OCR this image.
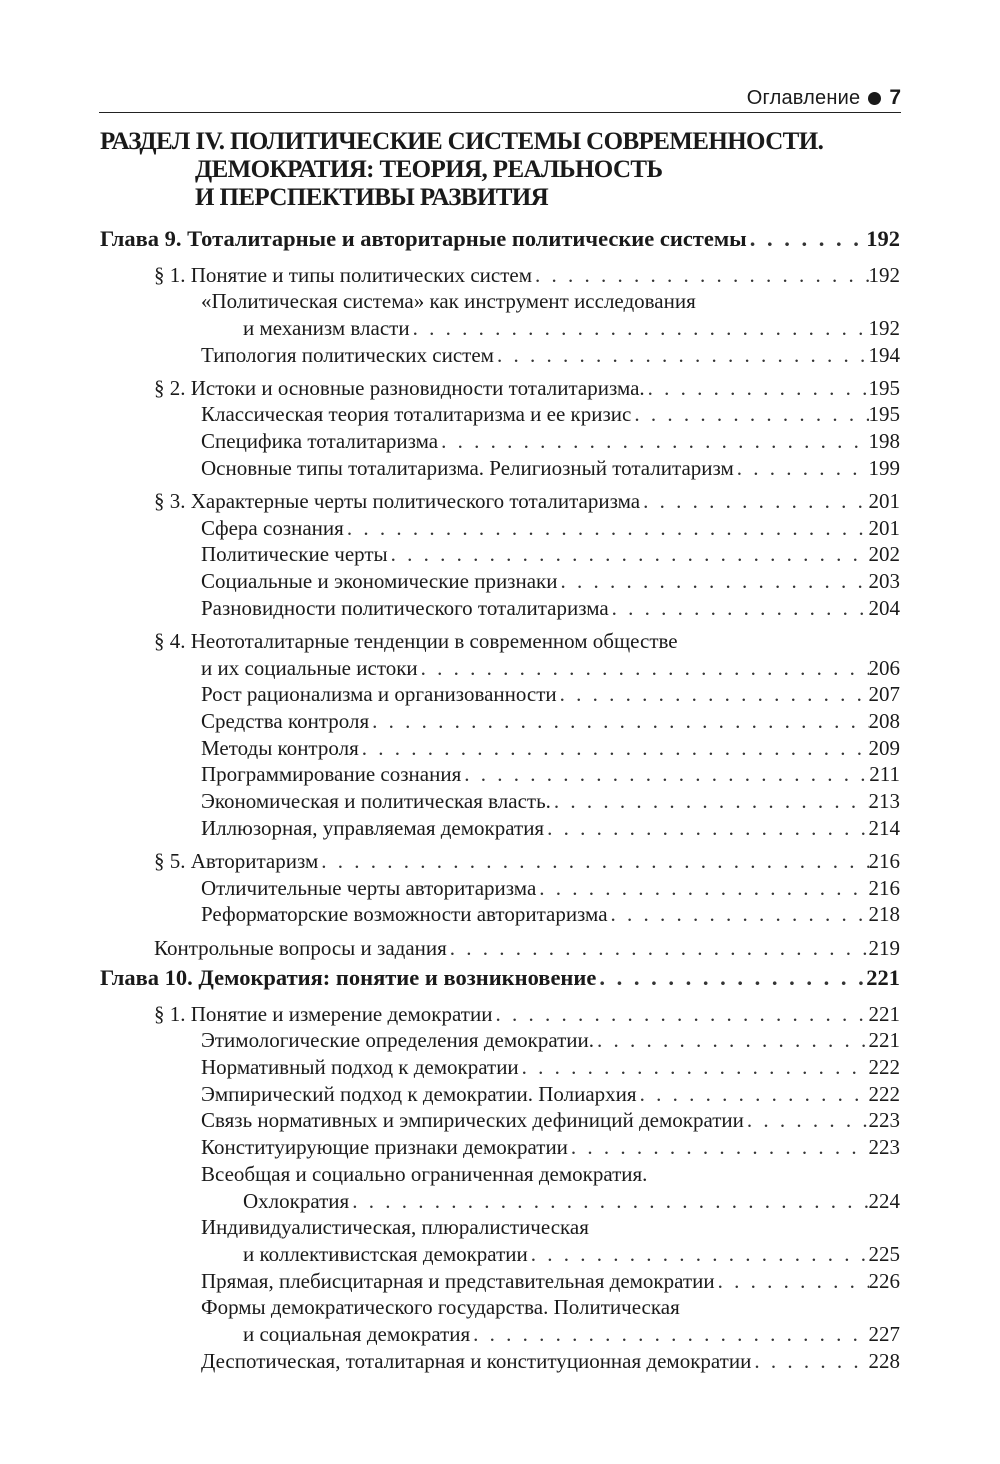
Оглавление 7
РАЗДЕЛ IV. ПОЛИТИЧЕСКИЕ СИСТЕМЫ СОВРЕМЕННОСТИ.
ДЕМОКРАТИЯ: ТЕОРИЯ, РЕАЛЬНОСТЬ
И ПЕРСПЕКТИВЫ РАЗВИТИЯ
Глава 9. Тоталитарные и авторитарные политические системы . . .	192
§ 1. Понятие и типы политических систем . . .	192
«Политическая система» как инструмент исследования
и механизм власти . . .	192
Типология политических систем . . .	194
§ 2. Истоки и основные разновидности тоталитаризма. . . .	195
Классическая теория тоталитаризма и ее кризис . . .	195
Специфика тоталитаризма . . .	198
Основные типы тоталитаризма. Религиозный тоталитаризм . . .	199
§ 3. Характерные черты политического тоталитаризма . . .	201
Сфера сознания . . .	201
Политические черты . . .	202
Социальные и экономические признаки . . .	203
Разновидности политического тоталитаризма . . .	204
§ 4. Неототалитарные тенденции в современном обществе
и их социальные истоки . . .	206
Рост рационализма и организованности . . .	207
Средства контроля . . .	208
Методы контроля . . .	209
Программирование сознания . . .	211
Экономическая и политическая власть. . . .	213
Иллюзорная, управляемая демократия . . .	214
§ 5. Авторитаризм . . .	216
Отличительные черты авторитаризма . . .	216
Реформаторские возможности авторитаризма . . .	218
Контрольные вопросы и задания . . .	219
Глава 10. Демократия: понятие и возникновение . . .	221
§ 1. Понятие и измерение демократии . . .	221
Этимологические определения демократии. . . .	221
Нормативный подход к демократии . . .	222
Эмпирический подход к демократии. Полиархия . . .	222
Связь нормативных и эмпирических дефиниций демократии . . .	223
Конституирующие признаки демократии . . .	223
Всеобщая и социально ограниченная демократия.
Охлократия . . .	224
Индивидуалистическая, плюралистическая
и коллективистская демократии . . .	225
Прямая, плебисцитарная и представительная демократии . . .	226
Формы демократического государства. Политическая
и социальная демократия . . .	227
Деспотическая, тоталитарная и конституционная демократии . . .	228
